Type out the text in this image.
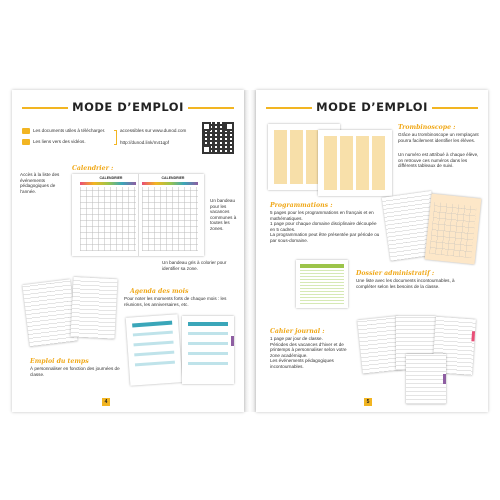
MODE D’EMPLOI
Les documents utiles à télécharger.
Les liens vers des vidéos.
accessibles sur www.dunod.com
http://dunod.link/m41qpf
Calendrier :
Accès à la liste des événements pédagogiques de l’année.
CALENDRIER	CALENDRIER
Un bandeau pour les vacances communes à toutes les zones.
Un bandeau gris à colorier pour identifier sa zone.
Agenda des mois
Pour noter les moments forts de chaque mois : les réunions, les anniversaires, etc.
Emploi du temps
À personnaliser en fonction des journées de classe.
4
MODE D’EMPLOI
Trombinoscope :
Grâce au trombinoscope un remplaçant pourra facilement identifier les élèves.
Un numéro est attribué à chaque élève, on retrouve ces numéros dans les différents tableaux de suivi.
Programmations :
5 pages pour les programmations en français et en mathématiques.
1 page pour chaque domaine disciplinaire découpée en 5 cadres.
La programmation peut être présentée par période ou par sous-domaine.
Dossier administratif :
Une liste avec les documents incontournables, à compléter selon les besoins de la classe.
Cahier journal :
1 page par jour de classe.
Périodes des vacances d’hiver et de printemps à personnaliser selon votre zone académique.
Les événements pédagogiques incontournables.
5
